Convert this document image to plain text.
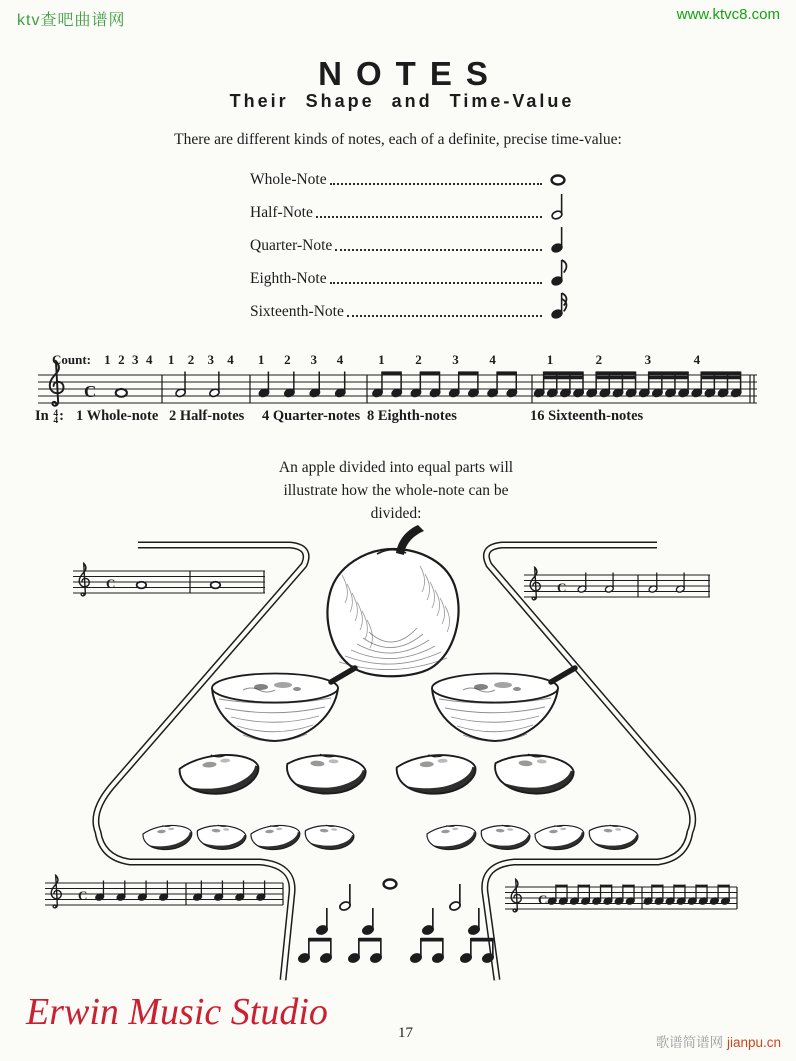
ktv查吧曲谱网	www.ktvc8.com
NOTES
Their Shape and Time-Value

There are different kinds of notes, each of a definite, precise time-value:

Whole-Note
Half-Note
Quarter-Note
Eighth-Note
Sixteenth-Note
C
1 2 3 4 1 2 3 4 1 2 3 4	1 2 3 4	1	2	3	4
Count:
In 4
4 : 1 Whole-note 2 Half-notes 4 Quarter-notes 8 Eighth-notes	16 Sixteenth-notes
An apple divided into equal parts will
illustrate how the whole-note can be
divided:
C	C
C	C
Erwin Music Studio	17
歌谱简谱网 jianpu.cn
